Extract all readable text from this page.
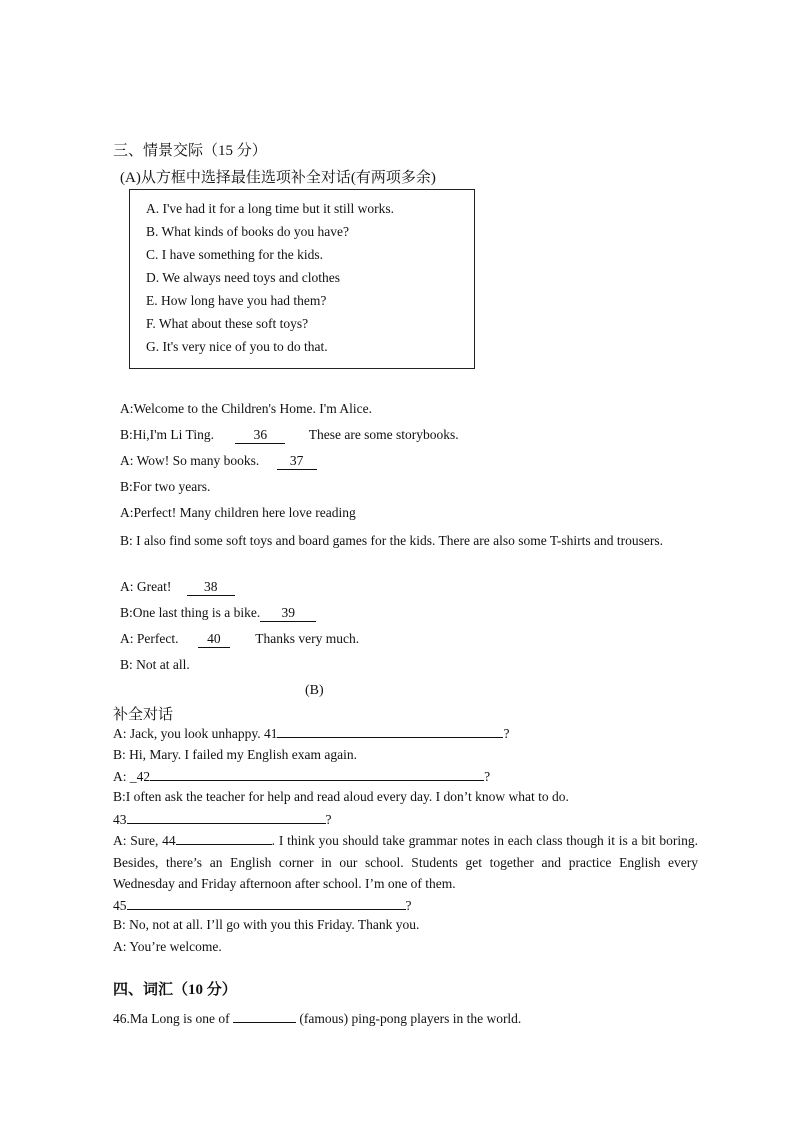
三、情景交际（15 分）
(A)从方框中选择最佳选项补全对话(有两项多余)
A. I've had it for a long time but it still works.
B. What kinds of books do you have?
C. I have something for the kids.
D. We always need toys and clothes
E. How long have you had them?
F. What about these soft toys?
G. It's very nice of you to do that.
A:Welcome to the Children's Home. I'm Alice.
B:Hi,I'm Li Ting.	36	These are some storybooks.
A: Wow! So many books. 37
B:For two years.
A:Perfect! Many children here love reading
B: I also find some soft toys and board games for the kids. There are also some T-shirts and trousers.
A: Great! 38
B:One last thing is a bike. 39
A: Perfect. 40	Thanks very much.
B: Not at all.
(B)
补全对话
A: Jack, you look unhappy. 41	?
B: Hi, Mary. I failed my English exam again.
A: _42	?
B:I often ask the teacher for help and read aloud every day. I don’t know what to do.
43	?
A: Sure, 44	. I think you should take grammar notes in each class though it is a bit boring. Besides, there’s an English corner in our school. Students get together and practice English every Wednesday and Friday afternoon after school. I’m one of them.
45	?
B: No, not at all. I’ll go with you this Friday. Thank you.
A: You’re welcome.
四、词汇（10 分）
46.Ma Long is one of	(famous) ping-pong players in the world.
